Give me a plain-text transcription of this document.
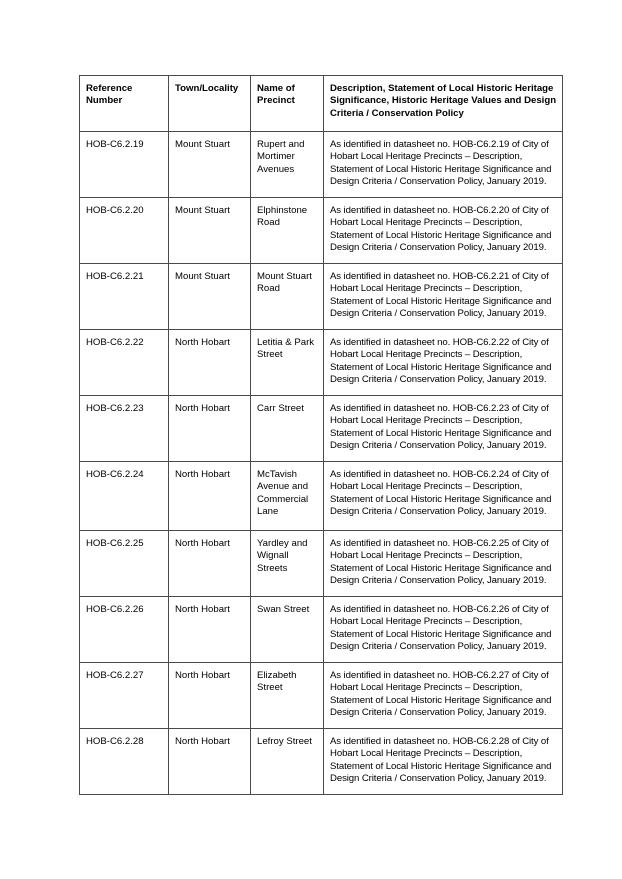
Reference Number	Town/Locality	Name of Precinct	Description, Statement of Local Historic Heritage Significance, Historic Heritage Values and Design Criteria / Conservation Policy
HOB-C6.2.19	Mount Stuart	Rupert and Mortimer Avenues	As identified in datasheet no. HOB-C6.2.19 of City of Hobart Local Heritage Precincts – Description, Statement of Local Historic Heritage Significance and Design Criteria / Conservation Policy, January 2019.
HOB-C6.2.20	Mount Stuart	Elphinstone Road	As identified in datasheet no. HOB-C6.2.20 of City of Hobart Local Heritage Precincts – Description, Statement of Local Historic Heritage Significance and Design Criteria / Conservation Policy, January 2019.
HOB-C6.2.21	Mount Stuart	Mount Stuart Road	As identified in datasheet no. HOB-C6.2.21 of City of Hobart Local Heritage Precincts – Description, Statement of Local Historic Heritage Significance and Design Criteria / Conservation Policy, January 2019.
HOB-C6.2.22	North Hobart	Letitia & Park Street	As identified in datasheet no. HOB-C6.2.22 of City of Hobart Local Heritage Precincts – Description, Statement of Local Historic Heritage Significance and Design Criteria / Conservation Policy, January 2019.
HOB-C6.2.23	North Hobart	Carr Street	As identified in datasheet no. HOB-C6.2.23 of City of Hobart Local Heritage Precincts – Description, Statement of Local Historic Heritage Significance and Design Criteria / Conservation Policy, January 2019.
HOB-C6.2.24	North Hobart	McTavish Avenue and Commercial Lane	As identified in datasheet no. HOB-C6.2.24 of City of Hobart Local Heritage Precincts – Description, Statement of Local Historic Heritage Significance and Design Criteria / Conservation Policy, January 2019.
HOB-C6.2.25	North Hobart	Yardley and Wignall Streets	As identified in datasheet no. HOB-C6.2.25 of City of Hobart Local Heritage Precincts – Description, Statement of Local Historic Heritage Significance and Design Criteria / Conservation Policy, January 2019.
HOB-C6.2.26	North Hobart	Swan Street	As identified in datasheet no. HOB-C6.2.26 of City of Hobart Local Heritage Precincts – Description, Statement of Local Historic Heritage Significance and Design Criteria / Conservation Policy, January 2019.
HOB-C6.2.27	North Hobart	Elizabeth Street	As identified in datasheet no. HOB-C6.2.27 of City of Hobart Local Heritage Precincts – Description, Statement of Local Historic Heritage Significance and Design Criteria / Conservation Policy, January 2019.
HOB-C6.2.28	North Hobart	Lefroy Street	As identified in datasheet no. HOB-C6.2.28 of City of Hobart Local Heritage Precincts – Description, Statement of Local Historic Heritage Significance and Design Criteria / Conservation Policy, January 2019.
